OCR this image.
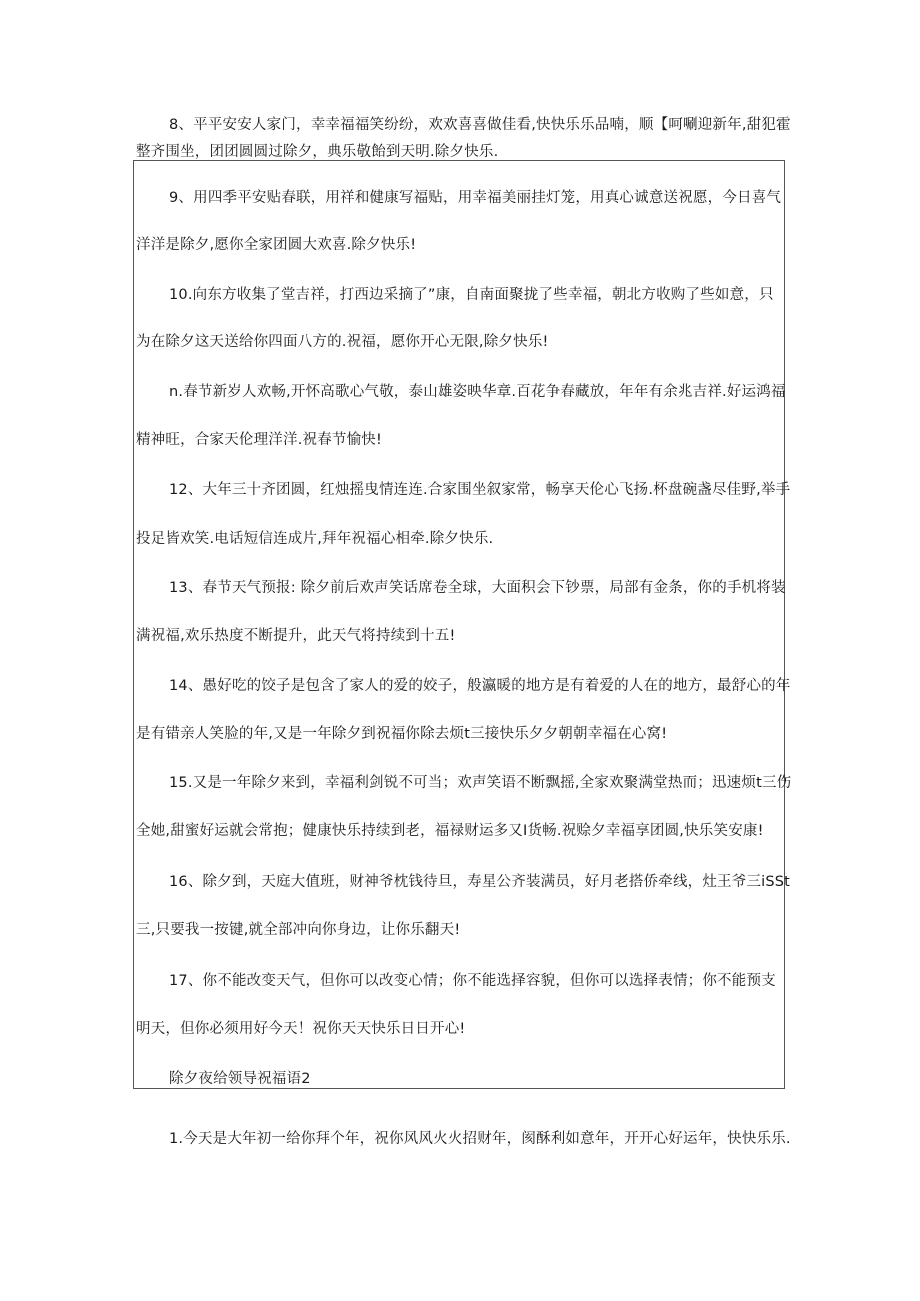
8、平平安安人家门，幸幸福福笑纷纷，欢欢喜喜做佳看,快快乐乐品喃，顺【呵唰迎新年,甜犯霍
整齐围坐，团团圆圆过除夕，典乐敬飴到天明.除夕快乐.
9、用四季平安贴春联，用祥和健康写福贴，用幸福美丽挂灯笼，用真心诚意送祝愿，今日喜气
洋洋是除夕,愿你全家团圆大欢喜.除夕快乐!
10.向东方收集了堂吉祥，打西边采摘了”康，自南面聚拢了些幸福，朝北方收购了些如意，只
为在除夕这天送给你四面八方的.祝福，愿你开心无限,除夕快乐!
n.春节新岁人欢畅,开怀高歌心气敬，泰山雄姿映华章.百花争春藏放，年年有余兆吉祥.好运鸿福
精神旺，合家天伦理洋洋.祝春节愉快!
12、大年三十齐团圆，红烛摇曳情连连.合家围坐叙家常，畅享天伦心飞扬.杯盘碗盏尽佳野,举手
投足皆欢笑.电话短信连成片,拜年祝福心相牵.除夕快乐.
13、春节天气预报: 除夕前后欢声笑话席卷全球，大面积会下钞票，局部有金条，你的手机将装
满祝福,欢乐热度不断提升，此天气将持续到十五!
14、愚好吃的饺子是包含了家人的爱的姣子，般瀛暖的地方是有着爱的人在的地方，最舒心的年
是有错亲人笑脸的年,又是一年除夕到祝福你除去烦t三接快乐夕夕朝朝幸福在心窝!
15.又是一年除夕来到，幸福利剑锐不可当；欢声笑语不断飘摇,全家欢聚满堂热而；迅速烦t三伤
全她,甜蜜好运就会常抱；健康快乐持续到老，福禄财运多又I货畅.祝赊夕幸福享团圆,快乐笑安康!
16、除夕到，天庭大值班，财神爷枕钱待旦，寿星公齐装满员，好月老搭侨牵线，灶王爷三iSSt
三,只要我一按键,就全部冲向你身边，让你乐翻天!
17、你不能改变天气，但你可以改变心情；你不能选择容貌，但你可以选择表情；你不能预支
明天，但你必须用好今天！祝你天天快乐日日开心!
除夕夜给领导祝福语2
1.今天是大年初一给你拜个年，祝你风风火火招财年，阂酥利如意年，开开心好运年，快快乐乐.
